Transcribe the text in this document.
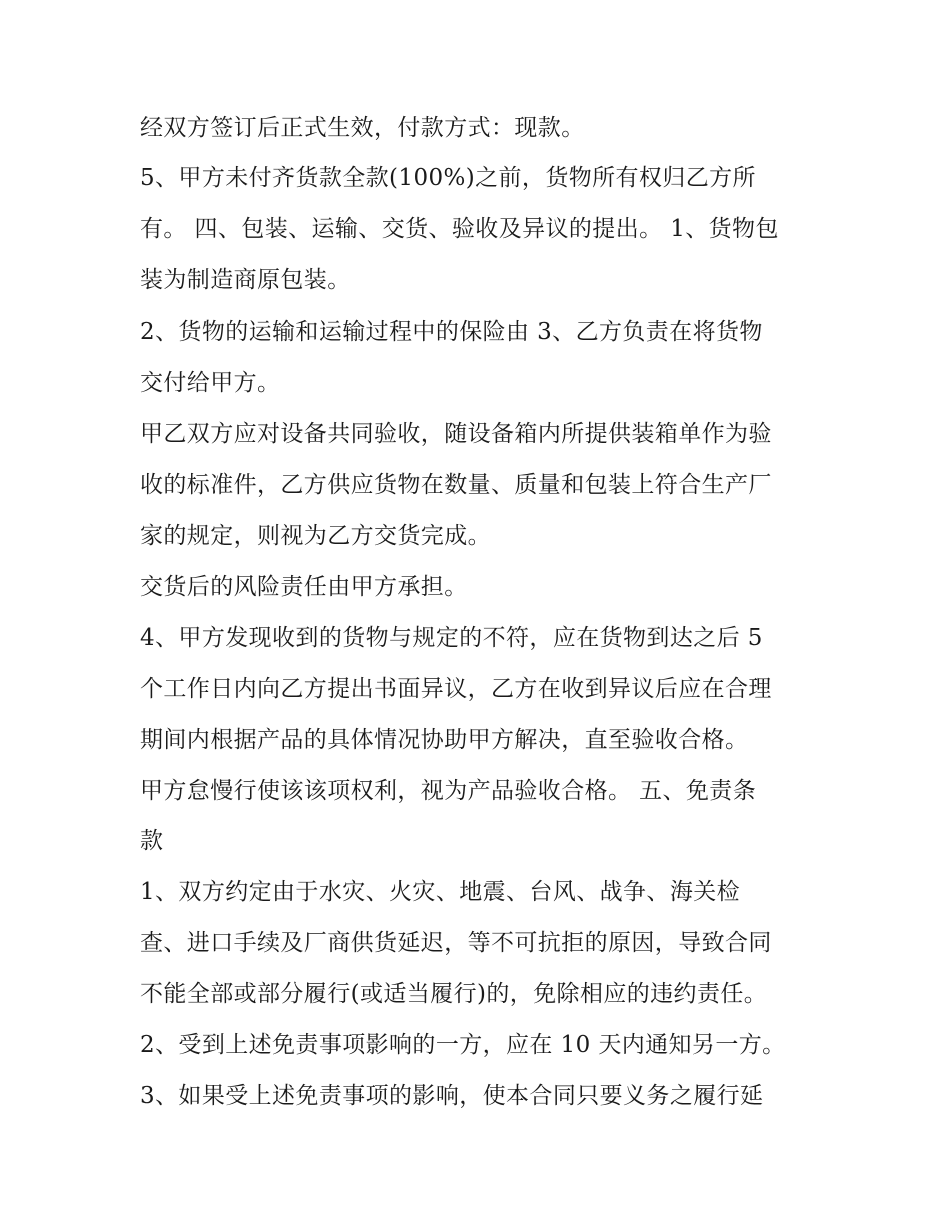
经双方签订后正式生效，付款方式：现款。
5、甲方未付齐货款全款(100%)之前，货物所有权归乙方所
有。 四、包装、运输、交货、验收及异议的提出。 1、货物包
装为制造商原包装。
2、货物的运输和运输过程中的保险由 3、乙方负责在将货物
交付给甲方。
甲乙双方应对设备共同验收，随设备箱内所提供装箱单作为验
收的标准件，乙方供应货物在数量、质量和包装上符合生产厂
家的规定，则视为乙方交货完成。
交货后的风险责任由甲方承担。
4、甲方发现收到的货物与规定的不符，应在货物到达之后 5
个工作日内向乙方提出书面异议，乙方在收到异议后应在合理
期间内根据产品的具体情况协助甲方解决，直至验收合格。
甲方怠慢行使该该项权利，视为产品验收合格。 五、免责条
款
1、双方约定由于水灾、火灾、地震、台风、战争、海关检
查、进口手续及厂商供货延迟，等不可抗拒的原因，导致合同
不能全部或部分履行(或适当履行)的，免除相应的违约责任。
2、受到上述免责事项影响的一方，应在 10 天内通知另一方。
3、如果受上述免责事项的影响，使本合同只要义务之履行延
